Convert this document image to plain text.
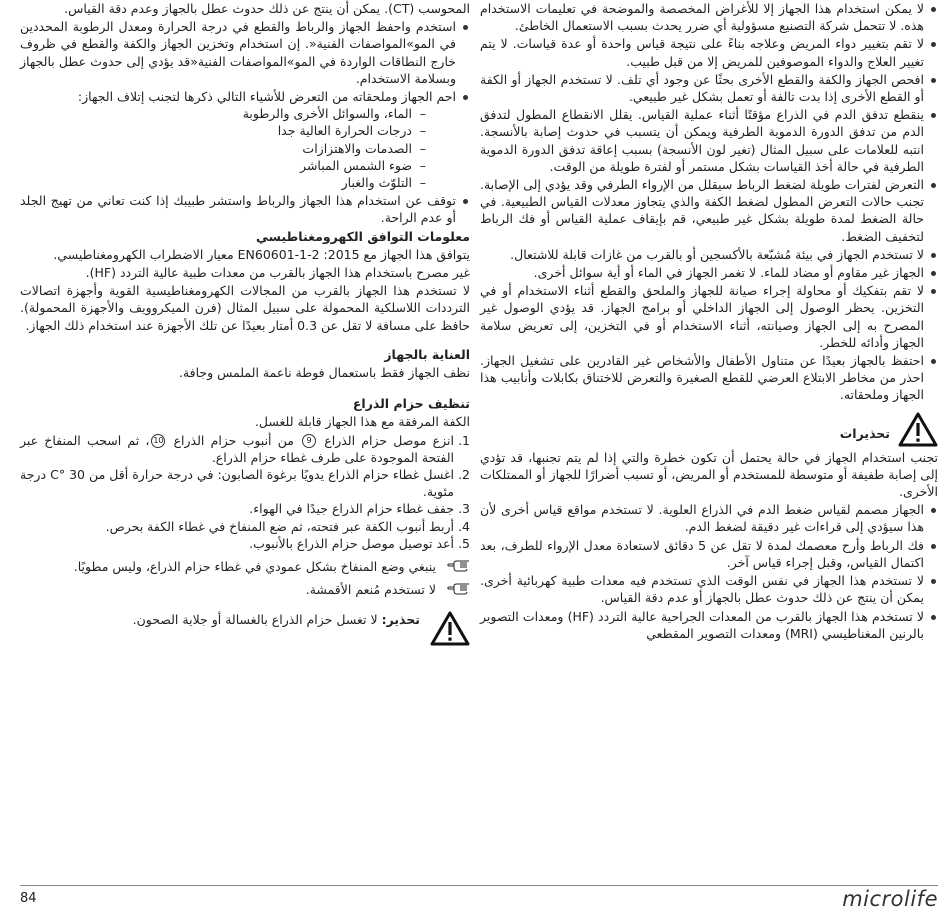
لا يمكن استخدام هذا الجهاز إلا للأغراض المخصصة والموضحة في تعليمات الاستخدام هذه. لا تتحمل شركة التصنيع مسؤولية أي ضرر يحدث بسبب الاستعمال الخاطئ.
لا تقم بتغيير دواء المريض وعلاجه بناءً على نتيجة قياس واحدة أو عدة قياسات. لا يتم تغيير العلاج والدواء الموصوفين للمريض إلا من قبل طبيب.
افحص الجهاز والكفة والقطع الأخرى بحثًا عن وجود أي تلف. لا تستخدم الجهاز أو الكفة أو القطع الأخرى إذا بدت تالفة أو تعمل بشكل غير طبيعي.
ينقطع تدفق الدم في الذراع مؤقتًا أثناء عملية القياس. يقلل الانقطاع المطول لتدفق الدم من تدفق الدورة الدموية الطرفية ويمكن أن يتسبب في حدوث إصابة بالأنسجة. انتبه للعلامات على سبيل المثال (تغير لون الأنسجة) بسبب إعاقة تدفق الدورة الدموية الطرفية في حالة أخذ القياسات بشكل مستمر أو لفترة طويلة من الوقت.
التعرض لفترات طويلة لضغط الرباط سيقلل من الإرواء الطرفي وقد يؤدي إلى الإصابة. تجنب حالات التعرض المطول لضغط الكفة والذي يتجاوز معدلات القياس الطبيعية. في حالة الضغط لمدة طويلة بشكل غير طبيعي، قم بإيقاف عملية القياس أو فك الرباط لتخفيف الضغط.
لا تستخدم الجهاز في بيئة مُشبّعة بالأكسجين أو بالقرب من غازات قابلة للاشتعال.
الجهاز غير مقاوم أو مضاد للماء. لا تغمر الجهاز في الماء أو أية سوائل أخرى.
لا تقم بتفكيك أو محاولة إجراء صيانة للجهاز والملحق والقطع أثناء الاستخدام أو في التخزين. يحظر الوصول إلى الجهاز الداخلي أو برامج الجهاز. قد يؤدي الوصول غير المصرح به إلى الجهاز وصيانته، أثناء الاستخدام أو في التخزين، إلى تعريض سلامة الجهاز وأدائه للخطر.
احتفظ بالجهاز بعيدًا عن متناول الأطفال والأشخاص غير القادرين على تشغيل الجهاز. احذر من مخاطر الابتلاع العرضي للقطع الصغيرة والتعرض للاختناق بكابلات وأنابيب هذا الجهاز وملحقاته.
تحذيرات

تجنب استخدام الجهاز في حالة يحتمل أن تكون خطرة والتي إذا لم يتم تجنبها، قد تؤدي إلى إصابة طفيفة أو متوسطة للمستخدم أو المريض، أو تسبب أضرارًا للجهاز أو الممتلكات الأخرى.

الجهاز مصمم لقياس ضغط الدم في الذراع العلوية. لا تستخدم مواقع قياس أخرى لأن هذا سيؤدي إلى قراءات غير دقيقة لضغط الدم.
فك الرباط وأرح معصمك لمدة لا تقل عن 5 دقائق لاستعادة معدل الإرواء للطرف، بعد اكتمال القياس، وقبل إجراء قياس آخر.
لا تستخدم هذا الجهاز في نفس الوقت الذي تستخدم فيه معدات طبية كهربائية أخرى. يمكن أن ينتج عن ذلك حدوث عطل بالجهاز أو عدم دقة القياس.
لا تستخدم هذا الجهاز بالقرب من المعدات الجراحية عالية التردد (HF) ومعدات التصوير بالرنين المغناطيسي (MRI) ومعدات التصوير المقطعي

المحوسب (CT). يمكن أن ينتج عن ذلك حدوث عطل بالجهاز وعدم دقة القياس.

استخدم واحفظ الجهاز والرباط والقطع في درجة الحرارة ومعدل الرطوبة المحددين في المو»المواصفات الفنية«. إن استخدام وتخزين الجهاز والكفة والقطع في ظروف خارج النطاقات الواردة في المو»المواصفات الفنية«قد يؤدي إلى حدوث عطل بالجهاز وبسلامة الاستخدام.
احم الجهاز وملحقاته من التعرض للأشياء التالي ذكرها لتجنب إتلاف الجهاز:
– الماء، والسوائل الأخرى والرطوبة
– درجات الحرارة العالية جدا
– الصدمات والاهتزازات
– ضوء الشمس المباشر
– التلوّث والغبار
توقف عن استخدام هذا الجهاز والرباط واستشر طبيبك إذا كنت تعاني من تهيج الجلد أو عدم الراحة.
معلومات التوافق الكهرومغناطيسي

يتوافق هذا الجهاز مع EN60601-1-2 :2015 معيار الاضطراب الكهرومغناطيسي.

غير مصرح باستخدام هذا الجهاز بالقرب من معدات طبية عالية التردد (HF).

لا تستخدم هذا الجهاز بالقرب من المجالات الكهرومغناطيسية القوية وأجهزة اتصالات الترددات اللاسلكية المحمولة على سبيل المثال (فرن الميكروويف والأجهزة المحمولة). حافظ على مسافة لا تقل عن 0.3 أمتار بعيدًا عن تلك الأجهزة عند استخدام ذلك الجهاز.

العناية بالجهاز

نظف الجهاز فقط باستعمال فوطة ناعمة الملمس وجافة.

تنظيف حزام الذراع

الكفة المرفقة مع هذا الجهاز قابلة للغسل.

1.
انزع موصل حزام الذراع 9 من أنبوب حزام الذراع 10، ثم اسحب المنفاخ عبر الفتحة الموجودة على طرف غطاء حزام الذراع.
2.
اغسل غطاء حزام الذراع يدويًا برغوة الصابون: في درجة حرارة أقل من 30 °C درجة مئوية.
3.
جفف غطاء حزام الذراع جيدًا في الهواء.
4.
أربط أنبوب الكفة عبر فتحته، ثم ضع المنفاخ في غطاء الكفة بحرص.
5.
أعد توصيل موصل حزام الذراع بالأنبوب.
ينبغي وضع المنفاخ بشكل عمودي في غطاء حزام الذراع، وليس مطويًا.
لا تستخدم مُنعم الأقمشة.

تحذير: لا تغسل حزام الذراع بالغسالة أو جلاية الصحون.

84	microlife
